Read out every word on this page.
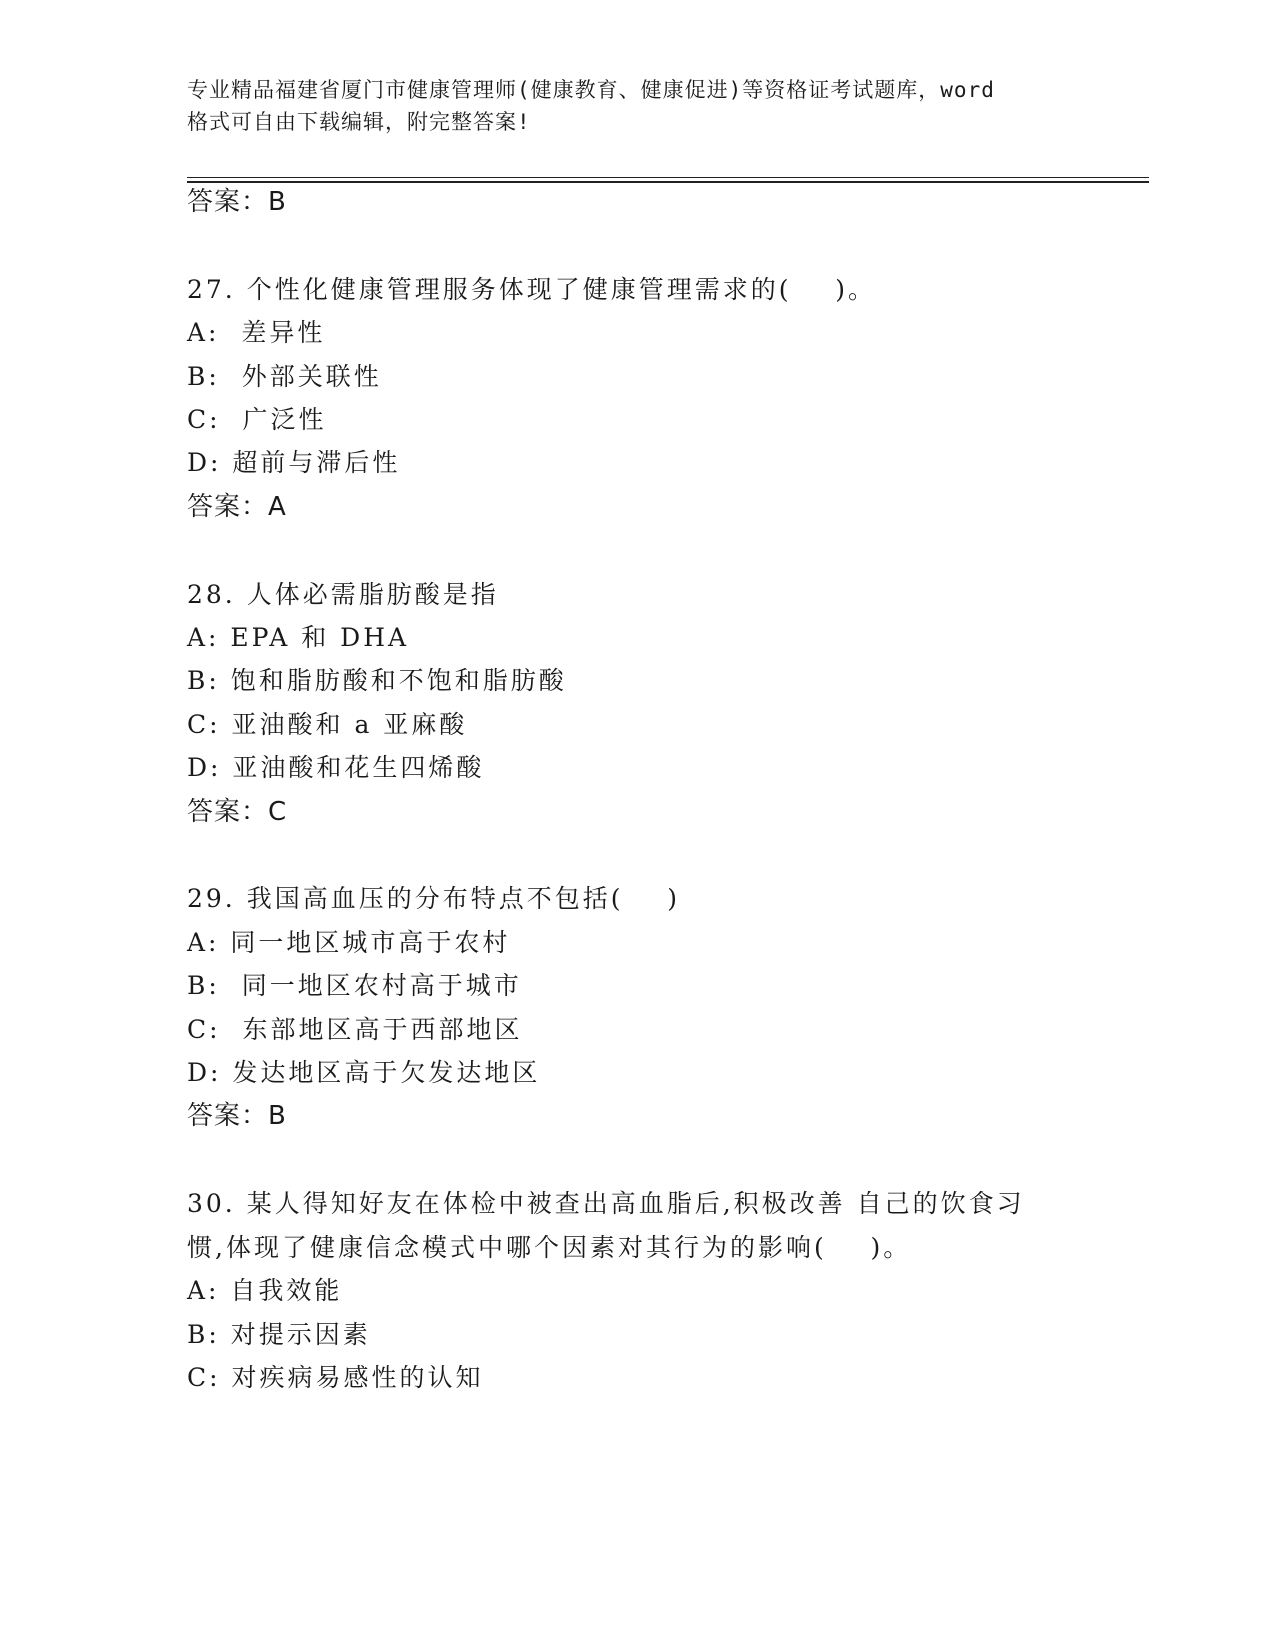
专业精品福建省厦门市健康管理师(健康教育、健康促进)等资格证考试题库，word
格式可自由下载编辑，附完整答案!
答案：B
27. 个性化健康管理服务体现了健康管理需求的(    )。
A:  差异性
B:  外部关联性
C:  广泛性
D: 超前与滞后性
答案：A
28. 人体必需脂肪酸是指
A: EPA 和 DHA
B: 饱和脂肪酸和不饱和脂肪酸
C: 亚油酸和 a 亚麻酸
D: 亚油酸和花生四烯酸
答案：C
29. 我国高血压的分布特点不包括(    )
A: 同一地区城市高于农村
B:  同一地区农村高于城市
C:  东部地区高于西部地区
D: 发达地区高于欠发达地区
答案：B
30. 某人得知好友在体检中被查出高血脂后,积极改善 自己的饮食习
惯,体现了健康信念模式中哪个因素对其行为的影响(    )。
A: 自我效能
B: 对提示因素
C: 对疾病易感性的认知
